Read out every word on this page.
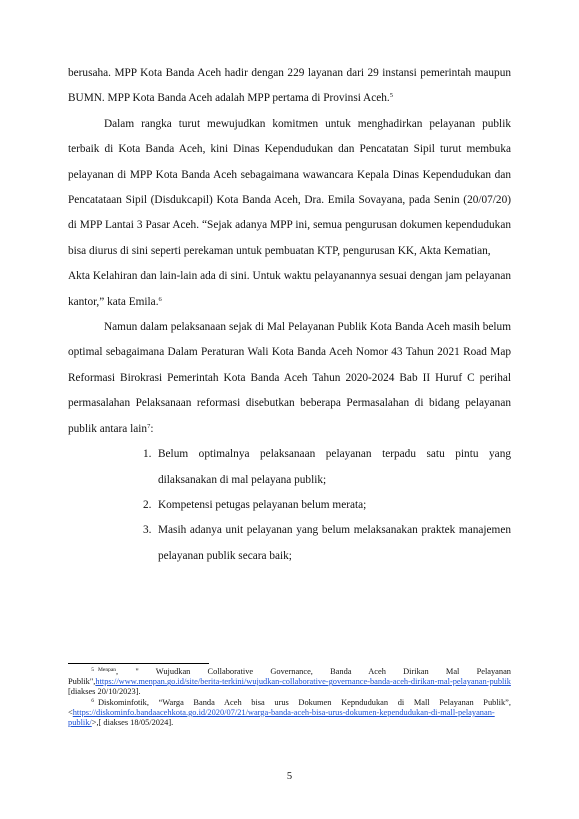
berusaha. MPP Kota Banda Aceh hadir dengan 229 layanan dari 29 instansi pemerintah maupun BUMN. MPP Kota Banda Aceh adalah MPP pertama di Provinsi Aceh.$^5$

Dalam rangka turut mewujudkan komitmen untuk menghadirkan pelayanan publik terbaik di Kota Banda Aceh, kini Dinas Kependudukan dan Pencatatan Sipil turut membuka pelayanan di MPP Kota Banda Aceh sebagaimana wawancara Kepala Dinas Kependudukan dan Pencatataan Sipil (Disdukcapil) Kota Banda Aceh, Dra. Emila Sovayana, pada Senin (20/07/20) di MPP Lantai 3 Pasar Aceh. “Sejak adanya MPP ini, semua pengurusan dokumen kependudukan bisa diurus di sini seperti perekaman untuk pembuatan KTP, pengurusan KK, Akta Kematian,

Akta Kelahiran dan lain-lain ada di sini. Untuk waktu pelayanannya sesuai dengan jam pelayanan kantor,” kata Emila.$^6$

Namun dalam pelaksanaan sejak di Mal Pelayanan Publik Kota Banda Aceh masih belum optimal sebagaimana Dalam Peraturan Wali Kota Banda Aceh Nomor 43 Tahun 2021 Road Map Reformasi Birokrasi Pemerintah Kota Banda Aceh Tahun 2020-2024 Bab II Huruf C perihal permasalahan Pelaksanaan reformasi disebutkan beberapa Permasalahan di bidang pelayanan publik antara lain$^7$:

1. Belum optimalnya pelaksanaan pelayanan terpadu satu pintu yang dilaksanakan di mal pelayana publik;
2. Kompetensi petugas pelayanan belum merata;
3. Masih adanya unit pelayanan yang belum melaksanakan praktek manajemen pelayanan publik secara baik;

$^5$ $^{Menpan}$, " Wujudkan Collaborative Governance, Banda Aceh Dirikan Mal Pelayanan Publik",https://www.menpan.go.id/site/berita-terkini/wujudkan-collaborative-governance-banda-aceh-dirikan-mal-pelayanan-publik [diakses 20/10/2023].

$^6$ Diskominfotik, “Warga Banda Aceh bisa urus Dokumen Kepndudukan di Mall Pelayanan Publik”,<https://diskominfo.bandaacehkota.go.id/2020/07/21/warga-banda-aceh-bisa-urus-dokumen-kependudukan-di-mall-pelayanan-publik/>,[ diakses 18/05/2024].

5
